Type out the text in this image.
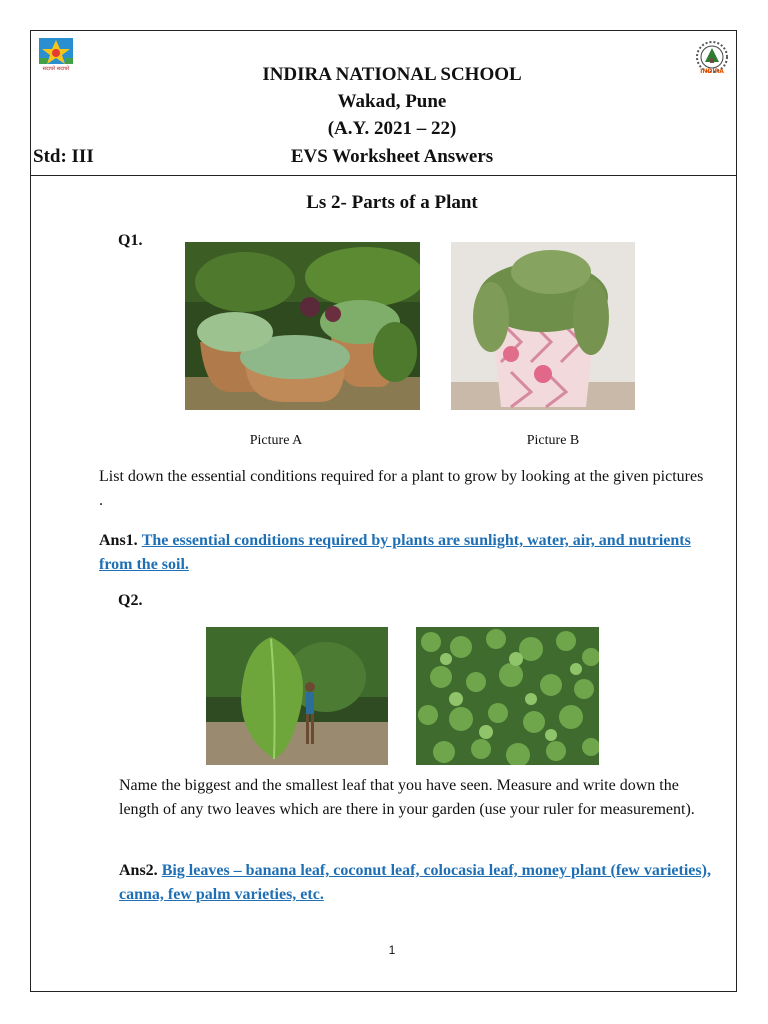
सदाचरे सदाचरे	INDIRA
INDIRA NATIONAL SCHOOL
Wakad, Pune
(A.Y. 2021 – 22)
Std: III	EVS Worksheet Answers
Ls 2- Parts of a Plant
Q1.
Picture A	Picture B
List down the essential conditions required for a plant to grow by looking at the given pictures .
Ans1. The essential conditions required by plants are sunlight, water, air, and nutrients from the soil.
Q2.
Name the biggest and the smallest leaf that you have seen. Measure and write down the length of any two leaves which are there in your garden (use your ruler for measurement).
Ans2. Big leaves – banana leaf, coconut leaf, colocasia leaf, money plant (few varieties), canna, few palm varieties, etc.
1
